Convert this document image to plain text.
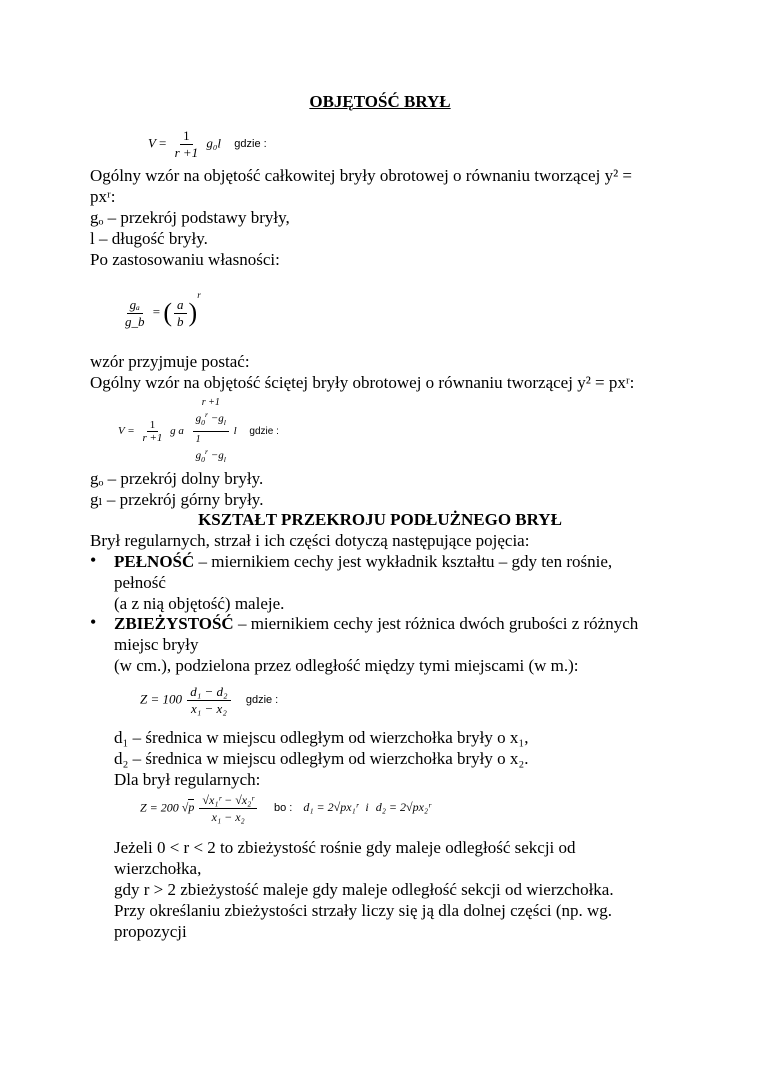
OBJĘTOŚĆ BRYŁ
$V = \frac{1}{r +1} g_0l$ gdzie :
Ogólny wzór na objętość całkowitej bryły obrotowej o równaniu tworzącej y² =
pxʳ:
gₒ – przekrój podstawy bryły,
l – długość bryły.
Po zastosowaniu własności:
$\frac{\text{gₐ}}{g\_b}$ = ( $\frac{a}{b} )^r$
wzór przyjmuje postać:
Ogólny wzór na objętość ściętej bryły obrotowej o równaniu tworzącej y² = pxʳ:
$V = \frac{1}{r +1}$ g a r +1
$g_0^r -g_l$
1
$g_0^r -g_l$ l gdzie :
gₒ – przekrój dolny bryły.
gₗ – przekrój górny bryły.
KSZTAŁT PRZEKROJU PODŁUŻNEGO BRYŁ
Brył regularnych, strzał i ich części dotyczą następujące pojęcia:
• PEŁNOŚĆ – miernikiem cechy jest wykładnik kształtu – gdy ten rośnie,
pełność
(a z nią objętość) maleje.
• ZBIEŻYSTOŚĆ – miernikiem cechy jest różnica dwóch grubości z różnych
miejsc bryły
(w cm.), podzielona przez odległość między tymi miejscami (w m.):
$Z = 100 \frac{\text{d₁ − d₂}}{\text{x₁ − x₂}}$ gdzie :
d₁ – średnica w miejscu odległym od wierzchołka bryły o x₁,
d₂ – średnica w miejscu odległym od wierzchołka bryły o x₂.
Dla brył regularnych:
Z = 200 $√p \frac{\text{√x₁ʳ − √x₂ʳ}}{\text{x₁ − x₂}}$ bo : d₁ = 2√px₁ʳ i d₂ = 2√px₂ʳ
Jeżeli 0 < r < 2 to zbieżystość rośnie gdy maleje odległość sekcji od
wierzchołka,
gdy r > 2 zbieżystość maleje gdy maleje odległość sekcji od wierzchołka.
Przy określaniu zbieżystości strzały liczy się ją dla dolnej części (np. wg.
propozycji
